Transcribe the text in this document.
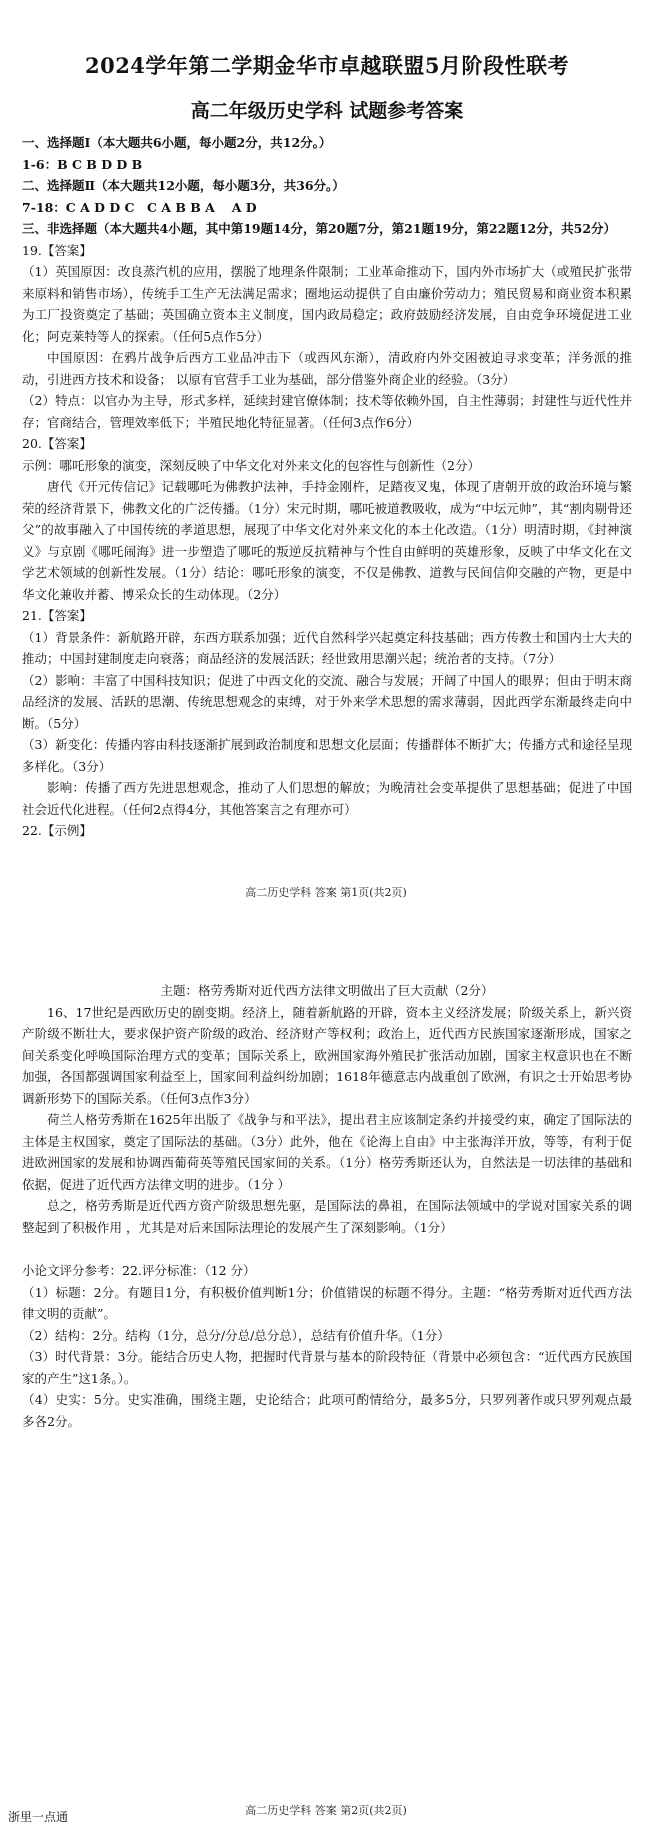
2024学年第二学期金华市卓越联盟5月阶段性联考
高二年级历史学科 试题参考答案

一、选择题Ⅰ（本大题共6小题，每小题2分，共12分。）

1-6：B C B D D B

二、选择题Ⅱ（本大题共12小题，每小题3分，共36分。）

7-18：C A D D C　C A B B A　 A D

三、非选择题（本大题共4小题，其中第19题14分，第20题7分，第21题19分，第22题12分，共52分）

19.【答案】

（1）英国原因：改良蒸汽机的应用，摆脱了地理条件限制；工业革命推动下，国内外市场扩大（或殖民扩张带来原料和销售市场），传统手工生产无法满足需求；圈地运动提供了自由廉价劳动力；殖民贸易和商业资本积累为工厂投资奠定了基础；英国确立资本主义制度，国内政局稳定；政府鼓励经济发展，自由竞争环境促进工业化；阿克莱特等人的探索。（任何5点作5分）

中国原因：在鸦片战争后西方工业品冲击下（或西风东渐），清政府内外交困被迫寻求变革；洋务派的推动，引进西方技术和设备； 以原有官营手工业为基础，部分借鉴外商企业的经验。（3分）

（2）特点：以官办为主导，形式多样，延续封建官僚体制；技术等依赖外国，自主性薄弱；封建性与近代性并存；官商结合，管理效率低下；半殖民地化特征显著。（任何3点作6分）

20.【答案】

示例：哪吒形象的演变，深刻反映了中华文化对外来文化的包容性与创新性（2分）

唐代《开元传信记》记载哪吒为佛教护法神，手持金刚杵，足踏夜叉鬼，体现了唐朝开放的政治环境与繁荣的经济背景下，佛教文化的广泛传播。（1分）宋元时期，哪吒被道教吸收，成为“中坛元帅”，其“割肉剔骨还父”的故事融入了中国传统的孝道思想，展现了中华文化对外来文化的本土化改造。（1分）明清时期，《封神演义》与京剧《哪吒闹海》进一步塑造了哪吒的叛逆反抗精神与个性自由鲜明的英雄形象，反映了中华文化在文学艺术领域的创新性发展。（1分）结论：哪吒形象的演变，不仅是佛教、道教与民间信仰交融的产物，更是中华文化兼收并蓄、博采众长的生动体现。（2分）

21.【答案】

（1）背景条件：新航路开辟，东西方联系加强；近代自然科学兴起奠定科技基础；西方传教士和国内士大夫的推动；中国封建制度走向衰落；商品经济的发展活跃；经世致用思潮兴起；统治者的支持。（7分）

（2）影响：丰富了中国科技知识；促进了中西文化的交流、融合与发展；开阔了中国人的眼界；但由于明末商品经济的发展、活跃的思潮、传统思想观念的束缚，对于外来学术思想的需求薄弱，因此西学东渐最终走向中断。（5分）

（3）新变化：传播内容由科技逐渐扩展到政治制度和思想文化层面；传播群体不断扩大；传播方式和途径呈现多样化。（3分）

影响：传播了西方先进思想观念，推动了人们思想的解放；为晚清社会变革提供了思想基础；促进了中国社会近代化进程。（任何2点得4分，其他答案言之有理亦可）

22.【示例】

高二历史学科 答案 第1页(共2页)

主题：格劳秀斯对近代西方法律文明做出了巨大贡献（2分）

16、17世纪是西欧历史的剧变期。经济上，随着新航路的开辟，资本主义经济发展；阶级关系上，新兴资产阶级不断壮大，要求保护资产阶级的政治、经济财产等权利；政治上，近代西方民族国家逐渐形成，国家之间关系变化呼唤国际治理方式的变革；国际关系上，欧洲国家海外殖民扩张活动加剧，国家主权意识也在不断加强，各国都强调国家利益至上，国家间利益纠纷加剧；1618年德意志内战重创了欧洲，有识之士开始思考协调新形势下的国际关系。（任何3点作3分）

荷兰人格劳秀斯在1625年出版了《战争与和平法》，提出君主应该制定条约并接受约束，确定了国际法的主体是主权国家，奠定了国际法的基础。（3分）此外，他在《论海上自由》中主张海洋开放，等等，有利于促进欧洲国家的发展和协调西葡荷英等殖民国家间的关系。（1分）格劳秀斯还认为，自然法是一切法律的基础和依据，促进了近代西方法律文明的进步。（1分 ）

总之，格劳秀斯是近代西方资产阶级思想先驱，是国际法的鼻祖，在国际法领域中的学说对国家关系的调整起到了积极作用 ，尤其是对后来国际法理论的发展产生了深刻影响。（1分）

小论文评分参考：22.评分标准：（12 分）

（1）标题：2分。有题目1分，有积极价值判断1分；价值错误的标题不得分。主题：“格劳秀斯对近代西方法律文明的贡献”。

（2）结构：2分。结构（1分，总分/分总/总分总），总结有价值升华。（1分）

（3）时代背景：3分。能结合历史人物，把握时代背景与基本的阶段特征（背景中必须包含：“近代西方民族国家的产生”这1条。）。

（4）史实：5分。史实准确，围绕主题，史论结合；此项可酌情给分，最多5分，只罗列著作或只罗列观点最多各2分。

浙里一点通	高二历史学科 答案 第2页(共2页)
